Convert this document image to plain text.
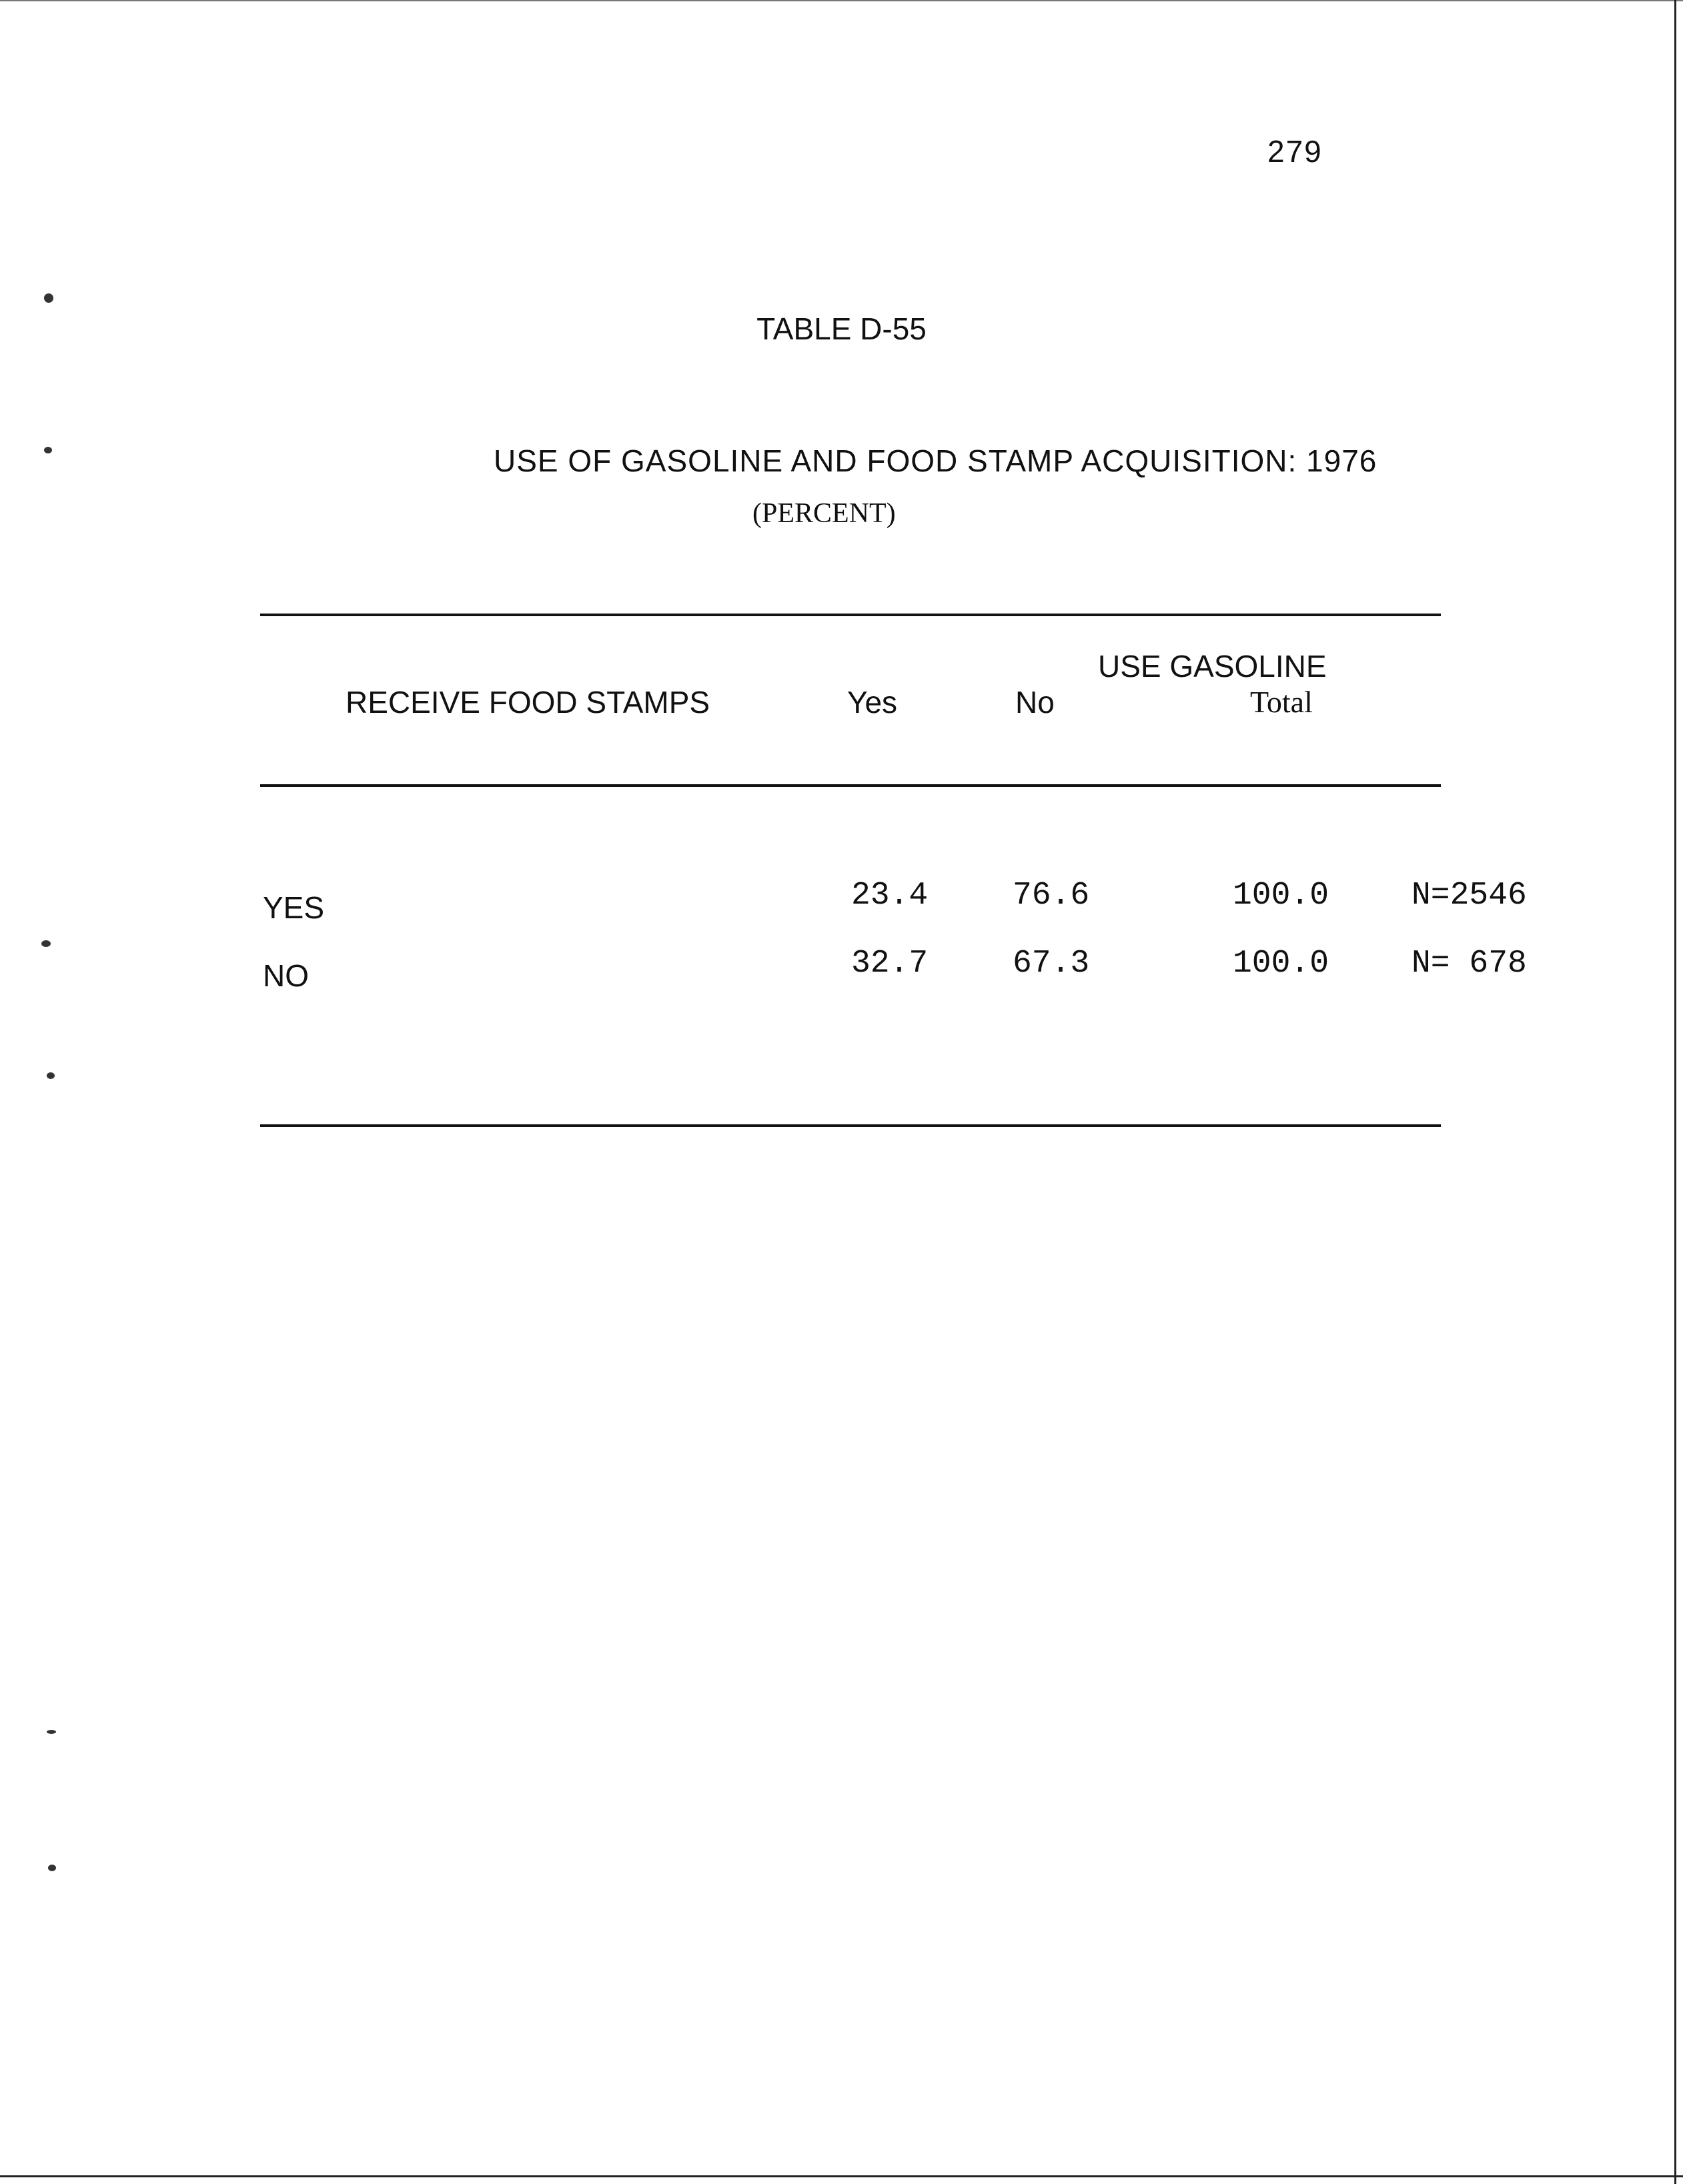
279
TABLE D-55
USE OF GASOLINE AND FOOD STAMP ACQUISITION: 1976
(PERCENT)
USE GASOLINE
RECEIVE FOOD STAMPS	Yes	No	Total
YES	23.4	76.6	100.0	N=2546
NO	32.7	67.3	100.0	N= 678
